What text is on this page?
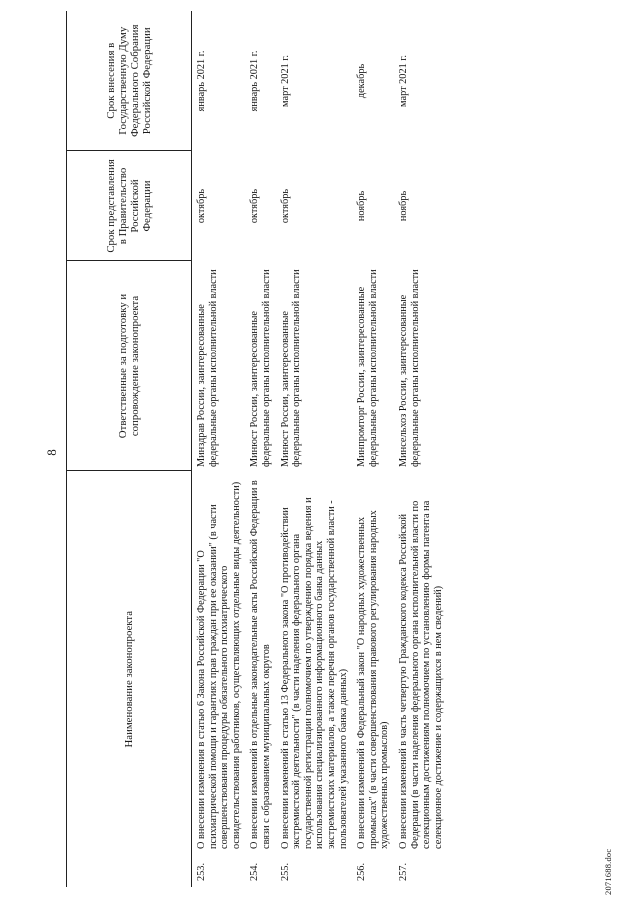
8
Наименование законопроекта		Ответственные за подготовку и сопровождение законопроекта	Срок представления в Правительство Российской Федерации	Срок внесения в Государственную Думу Федерального Собрания Российской Федерации
253.	О внесении изменения в статью 6 Закона Российской Федерации "О психиатрической помощи и гарантиях прав граждан при ее оказании" (в части совершенствования процедуры обязательного психиатрического освидетельствования работников, осуществляющих отдельные виды деятельности)	Минздрав России, заинтересованные федеральные органы исполнительной власти	октябрь	январь 2021 г.
254.	О внесении изменений в отдельные законодательные акты Российской Федерации в связи с образованием муниципальных округов	Минюст России, заинтересованные федеральные органы исполнительной власти	октябрь	январь 2021 г.
255.	О внесении изменений в статью 13 Федерального закона "О противодействии экстремистской деятельности" (в части наделения федерального органа государственной регистрации полномочием по утверждению порядка ведения и использования специализированного информационного банка данных экстремистских материалов, а также перечня органов государственной власти - пользователей указанного банка данных)	Минюст России, заинтересованные федеральные органы исполнительной власти	октябрь	март 2021 г.
256.	О внесении изменений в Федеральный закон "О народных художественных промыслах" (в части совершенствования правового регулирования народных художественных промыслов)	Минпромторг России, заинтересованные федеральные органы исполнительной власти	ноябрь	декабрь
257.	О внесении изменений в часть четвертую Гражданского кодекса Российской Федерации (в части наделения федерального органа исполнительной власти по селекционным достижениям полномочием по установлению формы патента на селекционное достижение и содержащихся в нем сведений)	Минсельхоз России, заинтересованные федеральные органы исполнительной власти	ноябрь	март 2021 г.
2071688.doc
